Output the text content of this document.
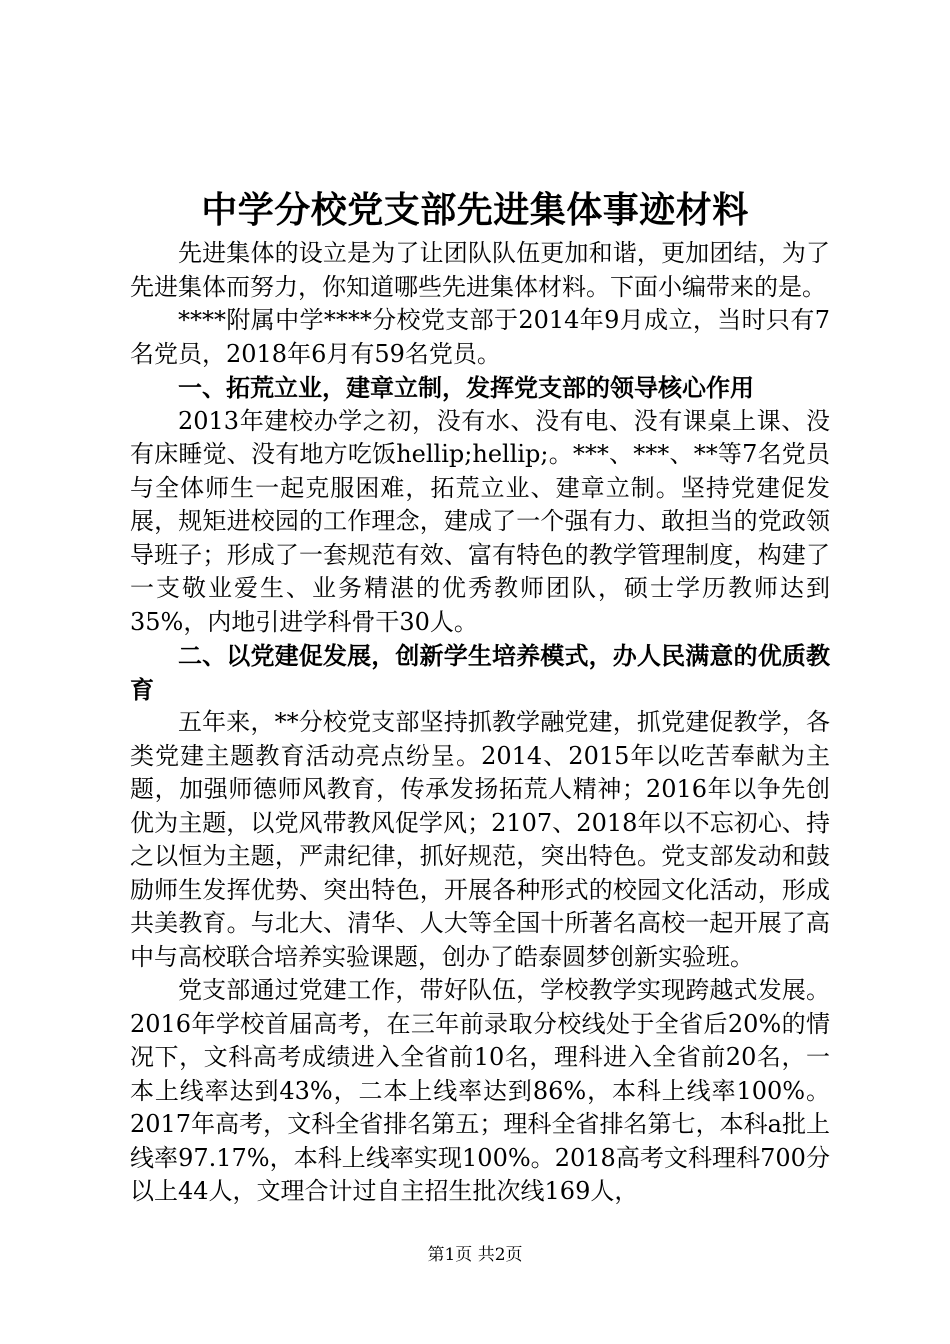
中学分校党支部先进集体事迹材料

先进集体的设立是为了让团队队伍更加和谐，更加团结，为了先进集体而努力，你知道哪些先进集体材料。下面小编带来的是。

****附属中学****分校党支部于2014年9月成立，当时只有7名党员，2018年6月有59名党员。

一、拓荒立业，建章立制，发挥党支部的领导核心作用

2013年建校办学之初，没有水、没有电、没有课桌上课、没有床睡觉、没有地方吃饭hellip;hellip;。***、***、**等7名党员与全体师生一起克服困难，拓荒立业、建章立制。坚持党建促发展，规矩进校园的工作理念，建成了一个强有力、敢担当的党政领导班子；形成了一套规范有效、富有特色的教学管理制度，构建了一支敬业爱生、业务精湛的优秀教师团队，硕士学历教师达到35%，内地引进学科骨干30人。

二、以党建促发展，创新学生培养模式，办人民满意的优质教育

五年来，**分校党支部坚持抓教学融党建，抓党建促教学，各类党建主题教育活动亮点纷呈。2014、2015年以吃苦奉献为主题，加强师德师风教育，传承发扬拓荒人精神；2016年以争先创优为主题，以党风带教风促学风；2107、2018年以不忘初心、持之以恒为主题，严肃纪律，抓好规范，突出特色。党支部发动和鼓励师生发挥优势、突出特色，开展各种形式的校园文化活动，形成共美教育。与北大、清华、人大等全国十所著名高校一起开展了高中与高校联合培养实验课题，创办了皓泰圆梦创新实验班。

党支部通过党建工作，带好队伍，学校教学实现跨越式发展。2016年学校首届高考，在三年前录取分校线处于全省后20%的情况下，文科高考成绩进入全省前10名，理科进入全省前20名，一本上线率达到43%，二本上线率达到86%，本科上线率100%。2017年高考，文科全省排名第五；理科全省排名第七，本科a批上线率97.17%，本科上线率实现100%。2018高考文科理科700分以上44人，文理合计过自主招生批次线169人，

第1页 共2页
